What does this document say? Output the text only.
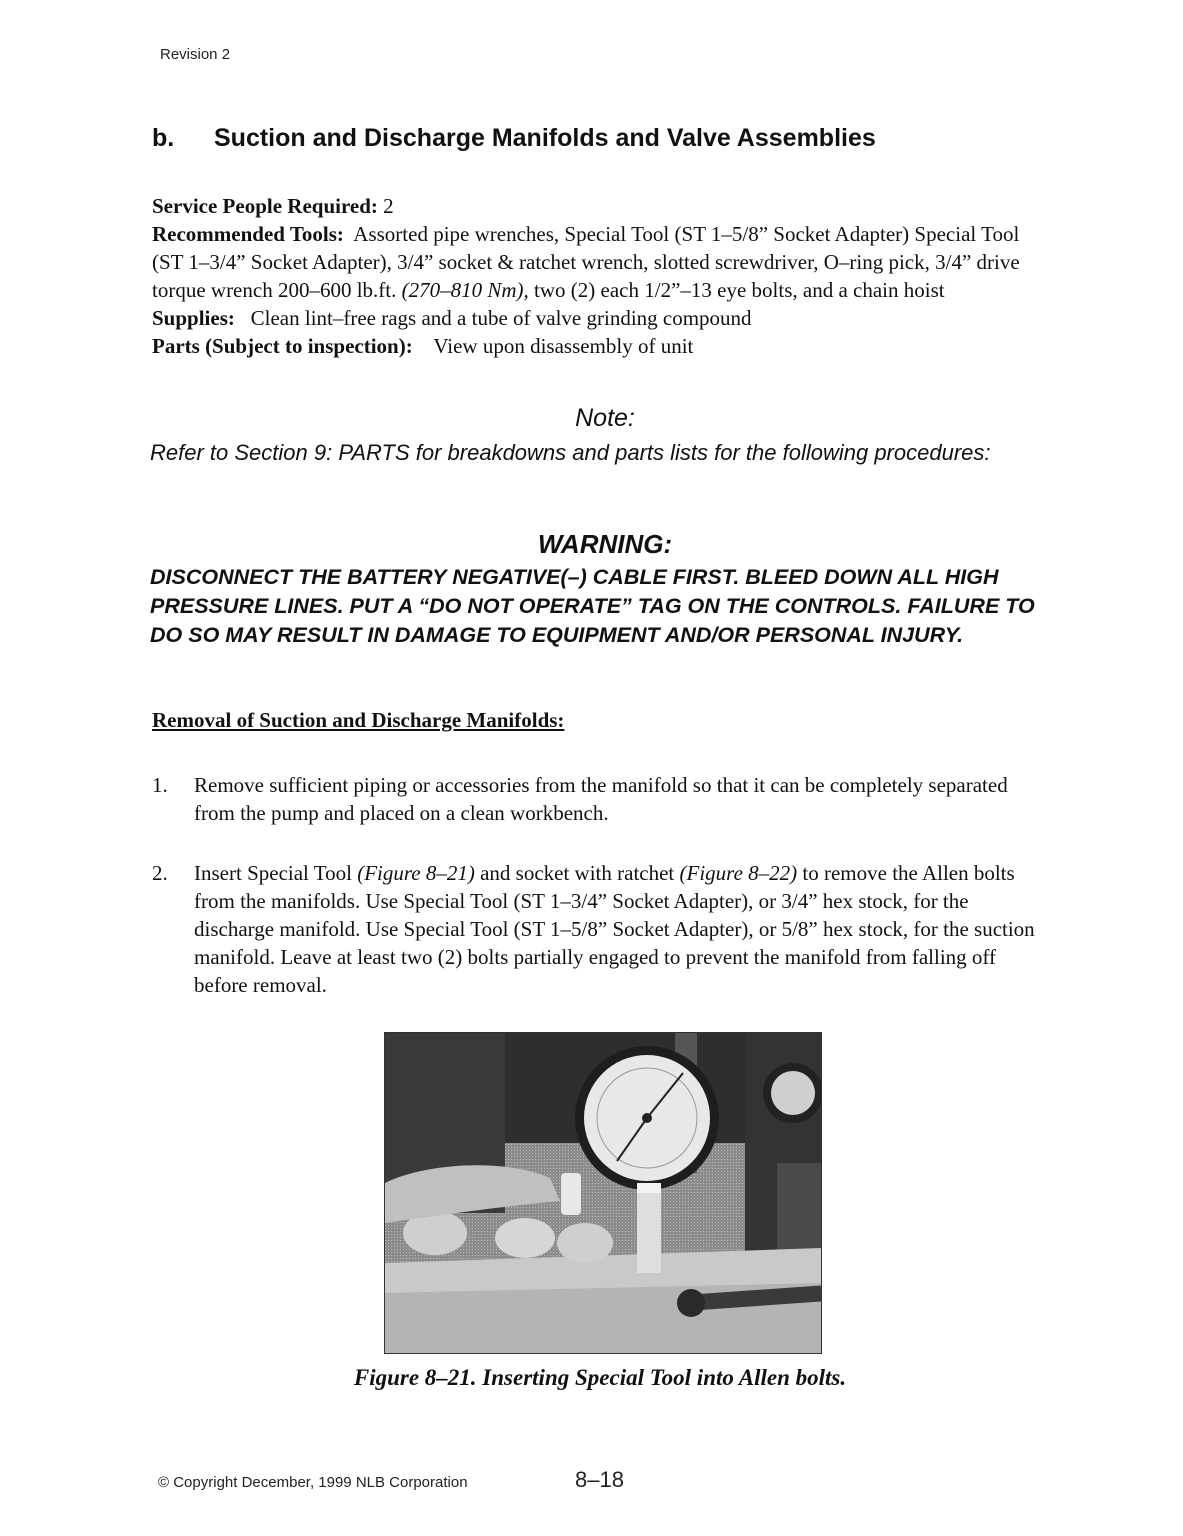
Revision 2
b. Suction and Discharge Manifolds and Valve Assemblies

Service People Required: 2

Recommended Tools: Assorted pipe wrenches, Special Tool (ST 1–5/8” Socket Adapter) Special Tool (ST 1–3/4” Socket Adapter), 3/4” socket & ratchet wrench, slotted screwdriver, O–ring pick, 3/4” drive torque wrench 200–600 lb.ft. (270–810 Nm), two (2) each 1/2”–13 eye bolts, and a chain hoist

Supplies: Clean lint–free rags and a tube of valve grinding compound

Parts (Subject to inspection): View upon disassembly of unit

Note:
Refer to Section 9: PARTS for breakdowns and parts lists for the following procedures:
WARNING:
DISCONNECT THE BATTERY NEGATIVE(–) CABLE FIRST. BLEED DOWN ALL HIGH PRESSURE LINES. PUT A “DO NOT OPERATE” TAG ON THE CONTROLS. FAILURE TO DO SO MAY RESULT IN DAMAGE TO EQUIPMENT AND/OR PERSONAL INJURY.
Removal of Suction and Discharge Manifolds:
1. Remove sufficient piping or accessories from the manifold so that it can be completely separated from the pump and placed on a clean workbench.
2. Insert Special Tool (Figure 8–21) and socket with ratchet (Figure 8–22) to remove the Allen bolts from the manifolds. Use Special Tool (ST 1–3/4” Socket Adapter), or 3/4” hex stock, for the discharge manifold. Use Special Tool (ST 1–5/8” Socket Adapter), or 5/8” hex stock, for the suction manifold. Leave at least two (2) bolts partially engaged to prevent the manifold from falling off before removal.
Figure 8–21. Inserting Special Tool into Allen bolts.
© Copyright December, 1999 NLB Corporation	8–18
